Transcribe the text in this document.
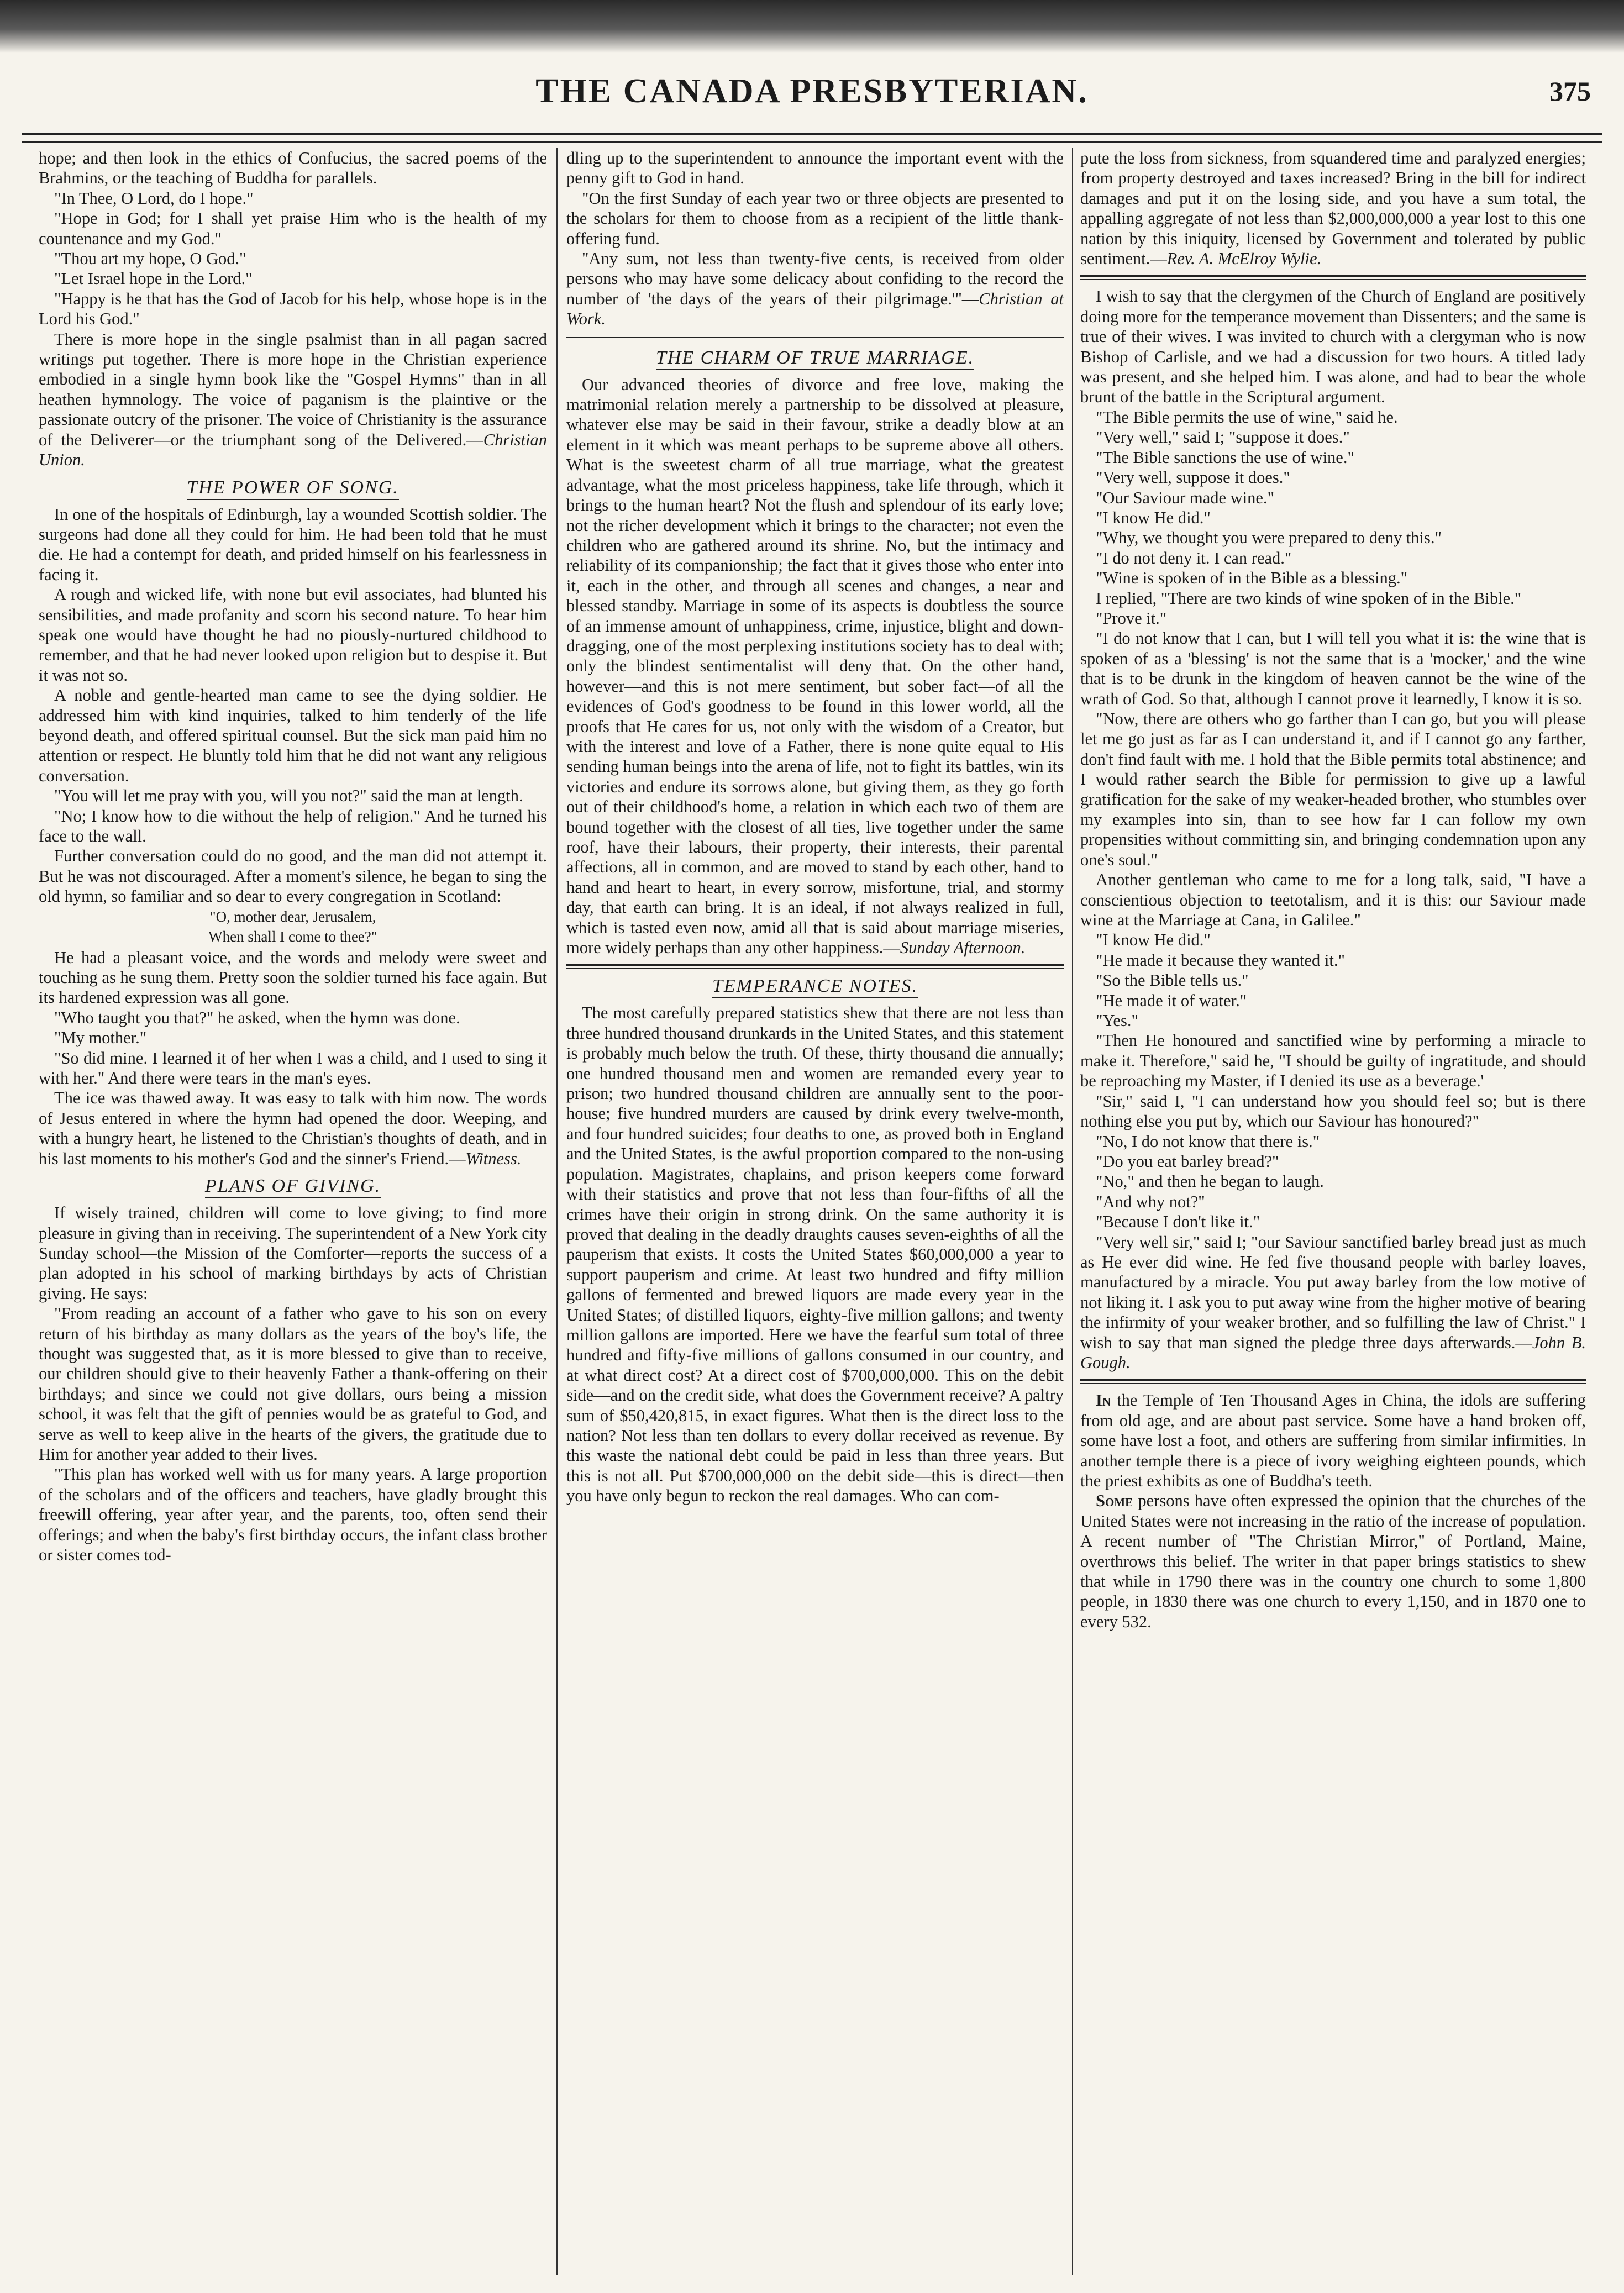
THE CANADA PRESBYTERIAN.	375

hope; and then look in the ethics of Confucius, the sacred poems of the Brahmins, or the teaching of Buddha for parallels.

"In Thee, O Lord, do I hope."

"Hope in God; for I shall yet praise Him who is the health of my countenance and my God."

"Thou art my hope, O God."

"Let Israel hope in the Lord."

"Happy is he that has the God of Jacob for his help, whose hope is in the Lord his God."

There is more hope in the single psalmist than in all pagan sacred writings put together. There is more hope in the Christian experience embodied in a single hymn book like the "Gospel Hymns" than in all heathen hymnology. The voice of paganism is the plaintive or the passionate outcry of the prisoner. The voice of Christianity is the assurance of the Deliverer—or the triumphant song of the Delivered.—Christian Union.

THE POWER OF SONG.

In one of the hospitals of Edinburgh, lay a wounded Scottish soldier. The surgeons had done all they could for him. He had been told that he must die. He had a contempt for death, and prided himself on his fearlessness in facing it.

A rough and wicked life, with none but evil associates, had blunted his sensibilities, and made profanity and scorn his second nature. To hear him speak one would have thought he had no piously-nurtured childhood to remember, and that he had never looked upon religion but to despise it. But it was not so.

A noble and gentle-hearted man came to see the dying soldier. He addressed him with kind inquiries, talked to him tenderly of the life beyond death, and offered spiritual counsel. But the sick man paid him no attention or respect. He bluntly told him that he did not want any religious conversation.

"You will let me pray with you, will you not?" said the man at length.

"No; I know how to die without the help of religion." And he turned his face to the wall.

Further conversation could do no good, and the man did not attempt it. But he was not discouraged. After a moment's silence, he began to sing the old hymn, so familiar and so dear to every congregation in Scotland:

"O, mother dear, Jerusalem,
When shall I come to thee?"

He had a pleasant voice, and the words and melody were sweet and touching as he sung them. Pretty soon the soldier turned his face again. But its hardened expression was all gone.

"Who taught you that?" he asked, when the hymn was done.

"My mother."

"So did mine. I learned it of her when I was a child, and I used to sing it with her." And there were tears in the man's eyes.

The ice was thawed away. It was easy to talk with him now. The words of Jesus entered in where the hymn had opened the door. Weeping, and with a hungry heart, he listened to the Christian's thoughts of death, and in his last moments to his mother's God and the sinner's Friend.—Witness.

PLANS OF GIVING.

If wisely trained, children will come to love giving; to find more pleasure in giving than in receiving. The superintendent of a New York city Sunday school—the Mission of the Comforter—reports the success of a plan adopted in his school of marking birthdays by acts of Christian giving. He says:

"From reading an account of a father who gave to his son on every return of his birthday as many dollars as the years of the boy's life, the thought was suggested that, as it is more blessed to give than to receive, our children should give to their heavenly Father a thank-offering on their birthdays; and since we could not give dollars, ours being a mission school, it was felt that the gift of pennies would be as grateful to God, and serve as well to keep alive in the hearts of the givers, the gratitude due to Him for another year added to their lives.

"This plan has worked well with us for many years. A large proportion of the scholars and of the officers and teachers, have gladly brought this freewill offering, year after year, and the parents, too, often send their offerings; and when the baby's first birthday occurs, the infant class brother or sister comes tod-

dling up to the superintendent to announce the important event with the penny gift to God in hand.

"On the first Sunday of each year two or three objects are presented to the scholars for them to choose from as a recipient of the little thank-offering fund.

"Any sum, not less than twenty-five cents, is received from older persons who may have some delicacy about confiding to the record the number of 'the days of the years of their pilgrimage.'"—Christian at Work.

THE CHARM OF TRUE MARRIAGE.

Our advanced theories of divorce and free love, making the matrimonial relation merely a partnership to be dissolved at pleasure, whatever else may be said in their favour, strike a deadly blow at an element in it which was meant perhaps to be supreme above all others. What is the sweetest charm of all true marriage, what the greatest advantage, what the most priceless happiness, take life through, which it brings to the human heart? Not the flush and splendour of its early love; not the richer development which it brings to the character; not even the children who are gathered around its shrine. No, but the intimacy and reliability of its companionship; the fact that it gives those who enter into it, each in the other, and through all scenes and changes, a near and blessed standby. Marriage in some of its aspects is doubtless the source of an immense amount of unhappiness, crime, injustice, blight and down-dragging, one of the most perplexing institutions society has to deal with; only the blindest sentimentalist will deny that. On the other hand, however—and this is not mere sentiment, but sober fact—of all the evidences of God's goodness to be found in this lower world, all the proofs that He cares for us, not only with the wisdom of a Creator, but with the interest and love of a Father, there is none quite equal to His sending human beings into the arena of life, not to fight its battles, win its victories and endure its sorrows alone, but giving them, as they go forth out of their childhood's home, a relation in which each two of them are bound together with the closest of all ties, live together under the same roof, have their labours, their property, their interests, their parental affections, all in common, and are moved to stand by each other, hand to hand and heart to heart, in every sorrow, misfortune, trial, and stormy day, that earth can bring. It is an ideal, if not always realized in full, which is tasted even now, amid all that is said about marriage miseries, more widely perhaps than any other happiness.—Sunday Afternoon.

TEMPERANCE NOTES.

The most carefully prepared statistics shew that there are not less than three hundred thousand drunkards in the United States, and this statement is probably much below the truth. Of these, thirty thousand die annually; one hundred thousand men and women are remanded every year to prison; two hundred thousand children are annually sent to the poor-house; five hundred murders are caused by drink every twelve-month, and four hundred suicides; four deaths to one, as proved both in England and the United States, is the awful proportion compared to the non-using population. Magistrates, chaplains, and prison keepers come forward with their statistics and prove that not less than four-fifths of all the crimes have their origin in strong drink. On the same authority it is proved that dealing in the deadly draughts causes seven-eighths of all the pauperism that exists. It costs the United States $60,000,000 a year to support pauperism and crime. At least two hundred and fifty million gallons of fermented and brewed liquors are made every year in the United States; of distilled liquors, eighty-five million gallons; and twenty million gallons are imported. Here we have the fearful sum total of three hundred and fifty-five millions of gallons consumed in our country, and at what direct cost? At a direct cost of $700,000,000. This on the debit side—and on the credit side, what does the Government receive? A paltry sum of $50,420,815, in exact figures. What then is the direct loss to the nation? Not less than ten dollars to every dollar received as revenue. By this waste the national debt could be paid in less than three years. But this is not all. Put $700,000,000 on the debit side—this is direct—then you have only begun to reckon the real damages. Who can com-

pute the loss from sickness, from squandered time and paralyzed energies; from property destroyed and taxes increased? Bring in the bill for indirect damages and put it on the losing side, and you have a sum total, the appalling aggregate of not less than $2,000,000,000 a year lost to this one nation by this iniquity, licensed by Government and tolerated by public sentiment.—Rev. A. McElroy Wylie.

I wish to say that the clergymen of the Church of England are positively doing more for the temperance movement than Dissenters; and the same is true of their wives. I was invited to church with a clergyman who is now Bishop of Carlisle, and we had a discussion for two hours. A titled lady was present, and she helped him. I was alone, and had to bear the whole brunt of the battle in the Scriptural argument.

"The Bible permits the use of wine," said he.

"Very well," said I; "suppose it does."

"The Bible sanctions the use of wine."

"Very well, suppose it does."

"Our Saviour made wine."

"I know He did."

"Why, we thought you were prepared to deny this."

"I do not deny it. I can read."

"Wine is spoken of in the Bible as a blessing."

I replied, "There are two kinds of wine spoken of in the Bible."

"Prove it."

"I do not know that I can, but I will tell you what it is: the wine that is spoken of as a 'blessing' is not the same that is a 'mocker,' and the wine that is to be drunk in the kingdom of heaven cannot be the wine of the wrath of God. So that, although I cannot prove it learnedly, I know it is so.

"Now, there are others who go farther than I can go, but you will please let me go just as far as I can understand it, and if I cannot go any farther, don't find fault with me. I hold that the Bible permits total abstinence; and I would rather search the Bible for permission to give up a lawful gratification for the sake of my weaker-headed brother, who stumbles over my examples into sin, than to see how far I can follow my own propensities without committing sin, and bringing condemnation upon any one's soul."

Another gentleman who came to me for a long talk, said, "I have a conscientious objection to teetotalism, and it is this: our Saviour made wine at the Marriage at Cana, in Galilee."

"I know He did."

"He made it because they wanted it."

"So the Bible tells us."

"He made it of water."

"Yes."

"Then He honoured and sanctified wine by performing a miracle to make it. Therefore," said he, "I should be guilty of ingratitude, and should be reproaching my Master, if I denied its use as a beverage.'

"Sir," said I, "I can understand how you should feel so; but is there nothing else you put by, which our Saviour has honoured?"

"No, I do not know that there is."

"Do you eat barley bread?"

"No," and then he began to laugh.

"And why not?"

"Because I don't like it."

"Very well sir," said I; "our Saviour sanctified barley bread just as much as He ever did wine. He fed five thousand people with barley loaves, manufactured by a miracle. You put away barley from the low motive of not liking it. I ask you to put away wine from the higher motive of bearing the infirmity of your weaker brother, and so fulfilling the law of Christ." I wish to say that man signed the pledge three days afterwards.—John B. Gough.

In the Temple of Ten Thousand Ages in China, the idols are suffering from old age, and are about past service. Some have a hand broken off, some have lost a foot, and others are suffering from similar infirmities. In another temple there is a piece of ivory weighing eighteen pounds, which the priest exhibits as one of Buddha's teeth.

Some persons have often expressed the opinion that the churches of the United States were not increasing in the ratio of the increase of population. A recent number of "The Christian Mirror," of Portland, Maine, overthrows this belief. The writer in that paper brings statistics to shew that while in 1790 there was in the country one church to some 1,800 people, in 1830 there was one church to every 1,150, and in 1870 one to every 532.
